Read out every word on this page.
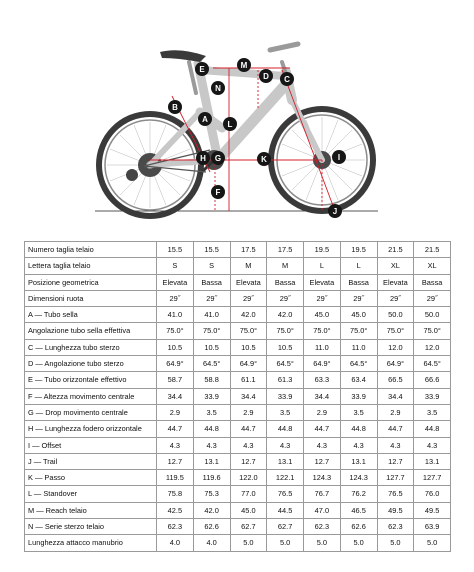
E	M
D C
N
B
A
L
H G	K	I
F
J
Numero taglia telaio	15.5	15.5	17.5	17.5	19.5	19.5	21.5	21.5
Lettera taglia telaio	S	S	M	M	L	L	XL	XL
Posizione geometrica	Elevata	Bassa	Elevata	Bassa	Elevata	Bassa	Elevata	Bassa
Dimensioni ruota	29˝	29˝	29˝	29˝	29˝	29˝	29˝	29˝
A — Tubo sella	41.0	41.0	42.0	42.0	45.0	45.0	50.0	50.0
Angolazione tubo sella effettiva	75.0°	75.0°	75.0°	75.0°	75.0°	75.0°	75.0°	75.0°
C — Lunghezza tubo sterzo	10.5	10.5	10.5	10.5	11.0	11.0	12.0	12.0
D — Angolazione tubo sterzo	64.9°	64.5°	64.9°	64.5°	64.9°	64.5°	64.9°	64.5°
E — Tubo orizzontale effettivo	58.7	58.8	61.1	61.3	63.3	63.4	66.5	66.6
F — Altezza movimento centrale	34.4	33.9	34.4	33.9	34.4	33.9	34.4	33.9
G — Drop movimento centrale	2.9	3.5	2.9	3.5	2.9	3.5	2.9	3.5
H — Lunghezza fodero orizzontale	44.7	44.8	44.7	44.8	44.7	44.8	44.7	44.8
I — Offset	4.3	4.3	4.3	4.3	4.3	4.3	4.3	4.3
J — Trail	12.7	13.1	12.7	13.1	12.7	13.1	12.7	13.1
K — Passo	119.5	119.6	122.0	122.1	124.3	124.3	127.7	127.7
L — Standover	75.8	75.3	77.0	76.5	76.7	76.2	76.5	76.0
M — Reach telaio	42.5	42.0	45.0	44.5	47.0	46.5	49.5	49.5
N — Serie sterzo telaio	62.3	62.6	62.7	62.7	62.3	62.6	62.3	63.9
Lunghezza attacco manubrio	4.0	4.0	5.0	5.0	5.0	5.0	5.0	5.0
